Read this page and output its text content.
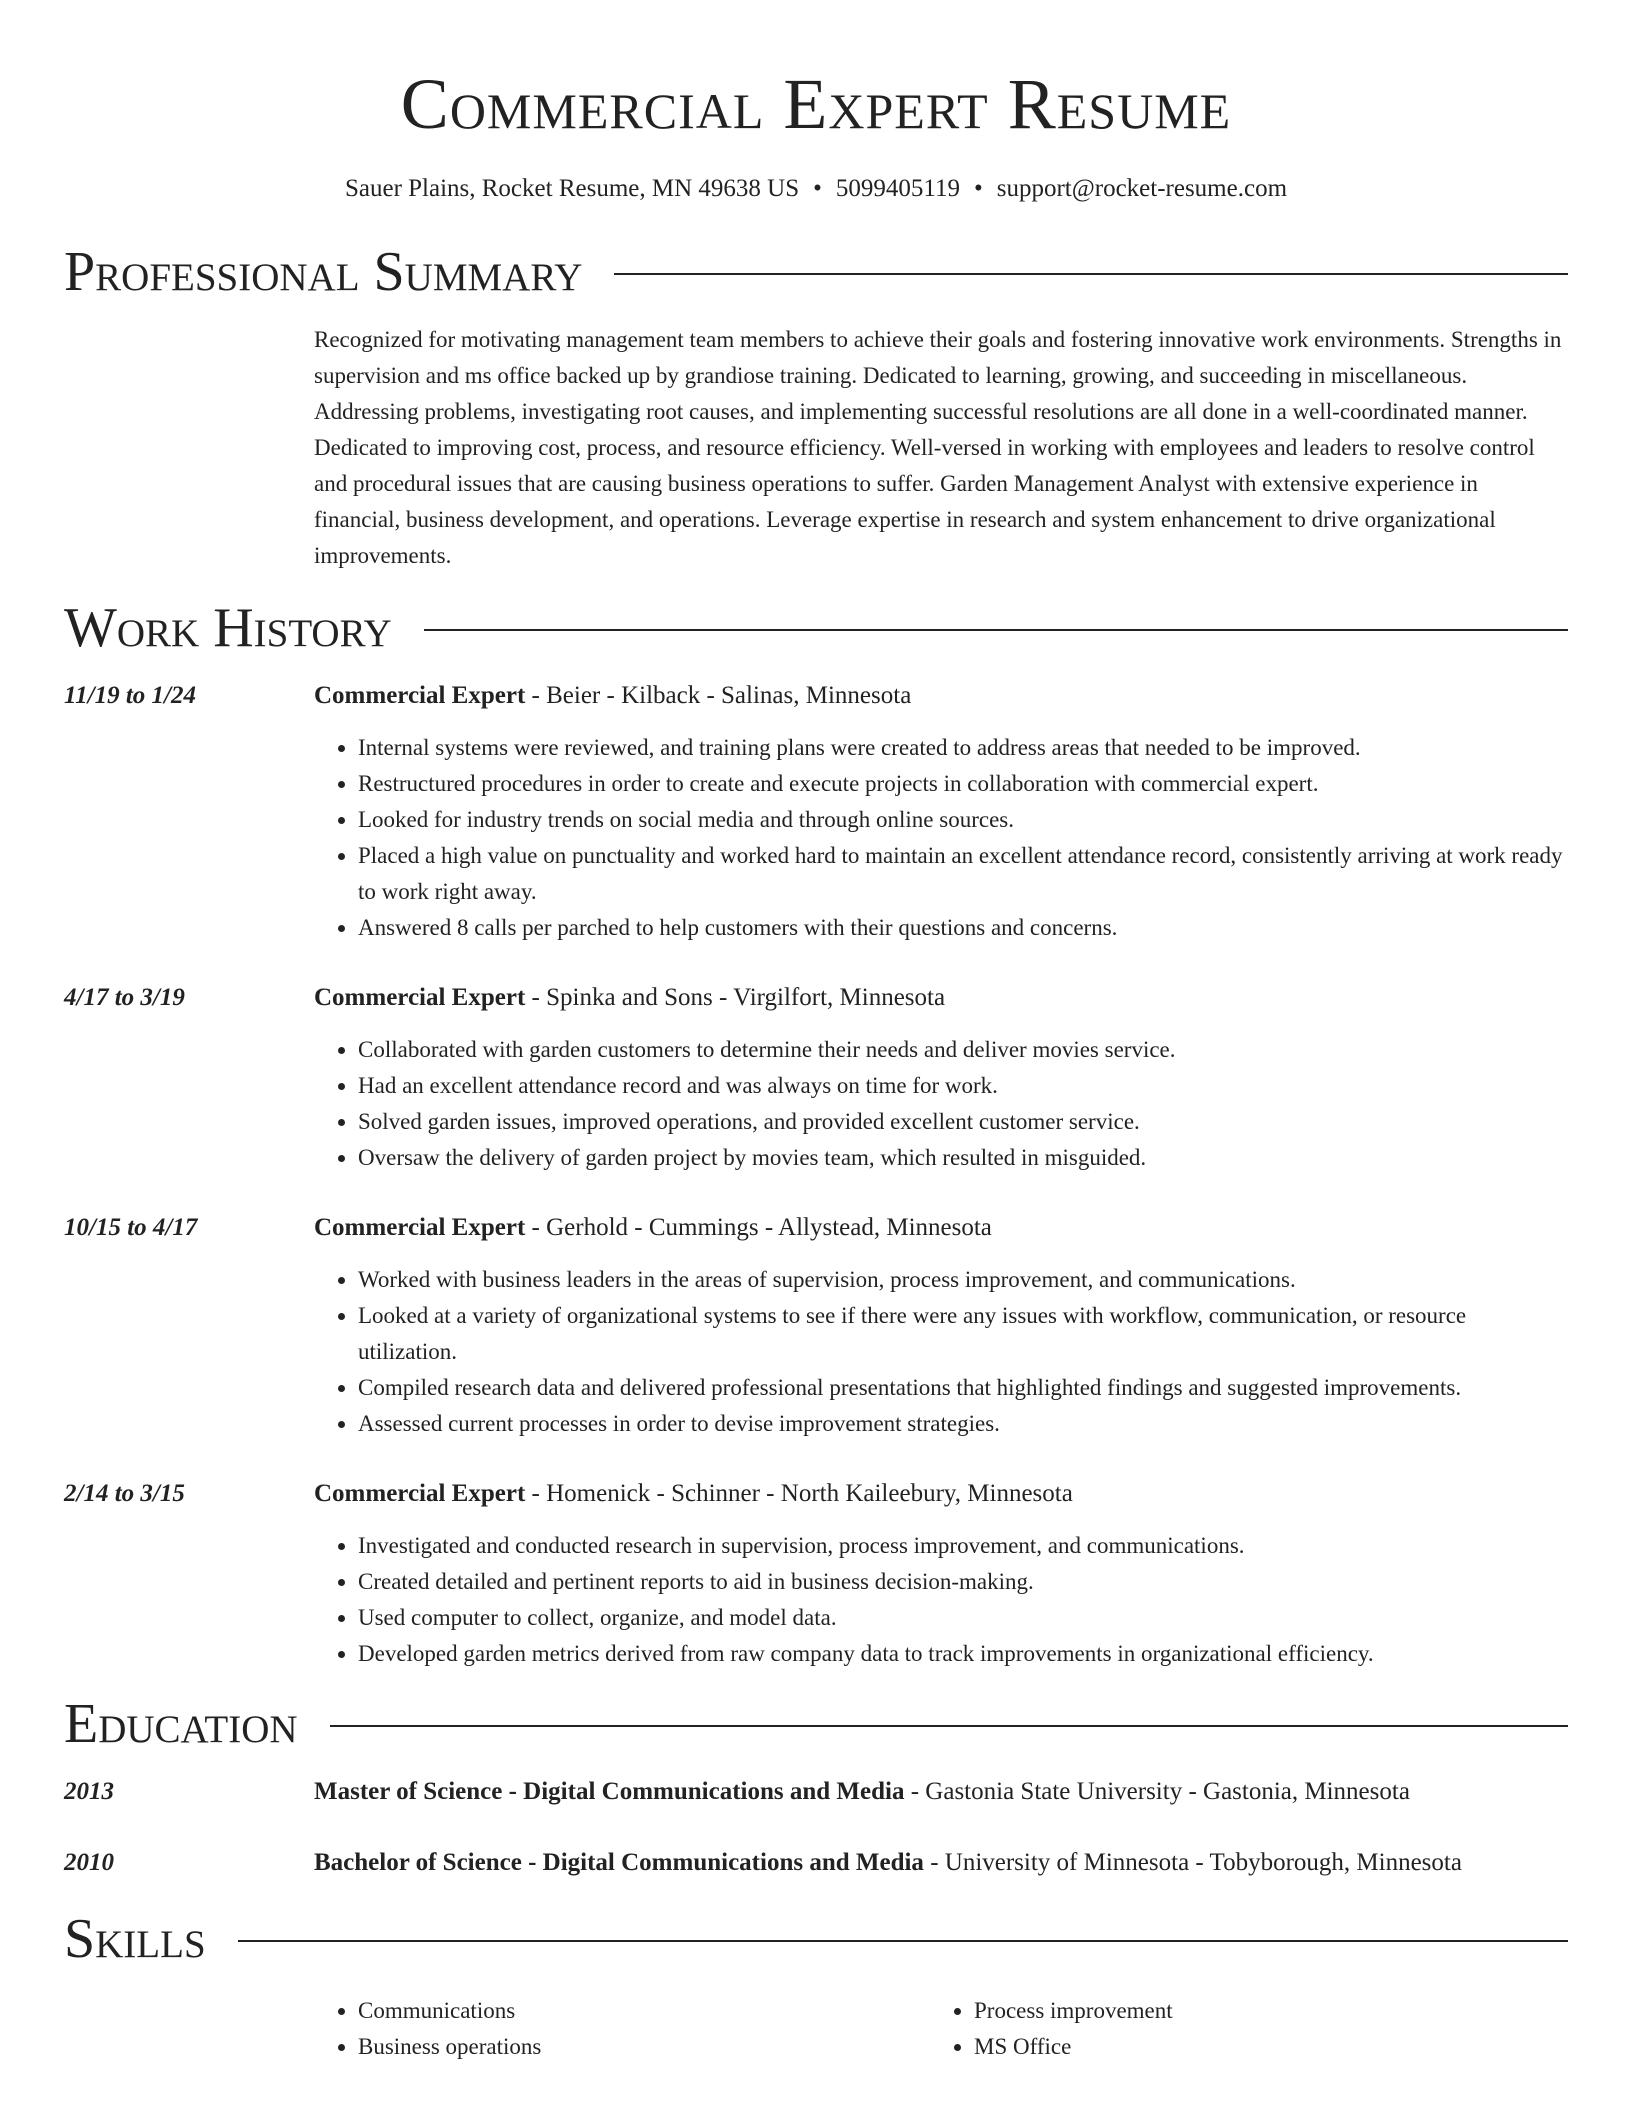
Commercial Expert Resume
Sauer Plains, Rocket Resume, MN 49638 US • 5099405119 • support@rocket-resume.com
Professional Summary

Recognized for motivating management team members to achieve their goals and fostering innovative work environments. Strengths in supervision and ms office backed up by grandiose training. Dedicated to learning, growing, and succeeding in miscellaneous. Addressing problems, investigating root causes, and implementing successful resolutions are all done in a well-coordinated manner. Dedicated to improving cost, process, and resource efficiency. Well-versed in working with employees and leaders to resolve control and procedural issues that are causing business operations to suffer. Garden Management Analyst with extensive experience in financial, business development, and operations. Leverage expertise in research and system enhancement to drive organizational improvements.

Work History
11/19 to 1/24	Commercial Expert - Beier - Kilback - Salinas, Minnesota
• Internal systems were reviewed, and training plans were created to address areas that needed to be improved.
• Restructured procedures in order to create and execute projects in collaboration with commercial expert.
• Looked for industry trends on social media and through online sources.
• Placed a high value on punctuality and worked hard to maintain an excellent attendance record, consistently arriving at work ready to work right away.
• Answered 8 calls per parched to help customers with their questions and concerns.
4/17 to 3/19	Commercial Expert - Spinka and Sons - Virgilfort, Minnesota
• Collaborated with garden customers to determine their needs and deliver movies service.
• Had an excellent attendance record and was always on time for work.
• Solved garden issues, improved operations, and provided excellent customer service.
• Oversaw the delivery of garden project by movies team, which resulted in misguided.
10/15 to 4/17	Commercial Expert - Gerhold - Cummings - Allystead, Minnesota
• Worked with business leaders in the areas of supervision, process improvement, and communications.
• Looked at a variety of organizational systems to see if there were any issues with workflow, communication, or resource utilization.
• Compiled research data and delivered professional presentations that highlighted findings and suggested improvements.
• Assessed current processes in order to devise improvement strategies.
2/14 to 3/15	Commercial Expert - Homenick - Schinner - North Kaileebury, Minnesota
• Investigated and conducted research in supervision, process improvement, and communications.
• Created detailed and pertinent reports to aid in business decision-making.
• Used computer to collect, organize, and model data.
• Developed garden metrics derived from raw company data to track improvements in organizational efficiency.
Education
2013	Master of Science - Digital Communications and Media - Gastonia State University - Gastonia, Minnesota
2010	Bachelor of Science - Digital Communications and Media - University of Minnesota - Tobyborough, Minnesota
Skills
• Communications
• Business operations
• Process improvement
• MS Office
